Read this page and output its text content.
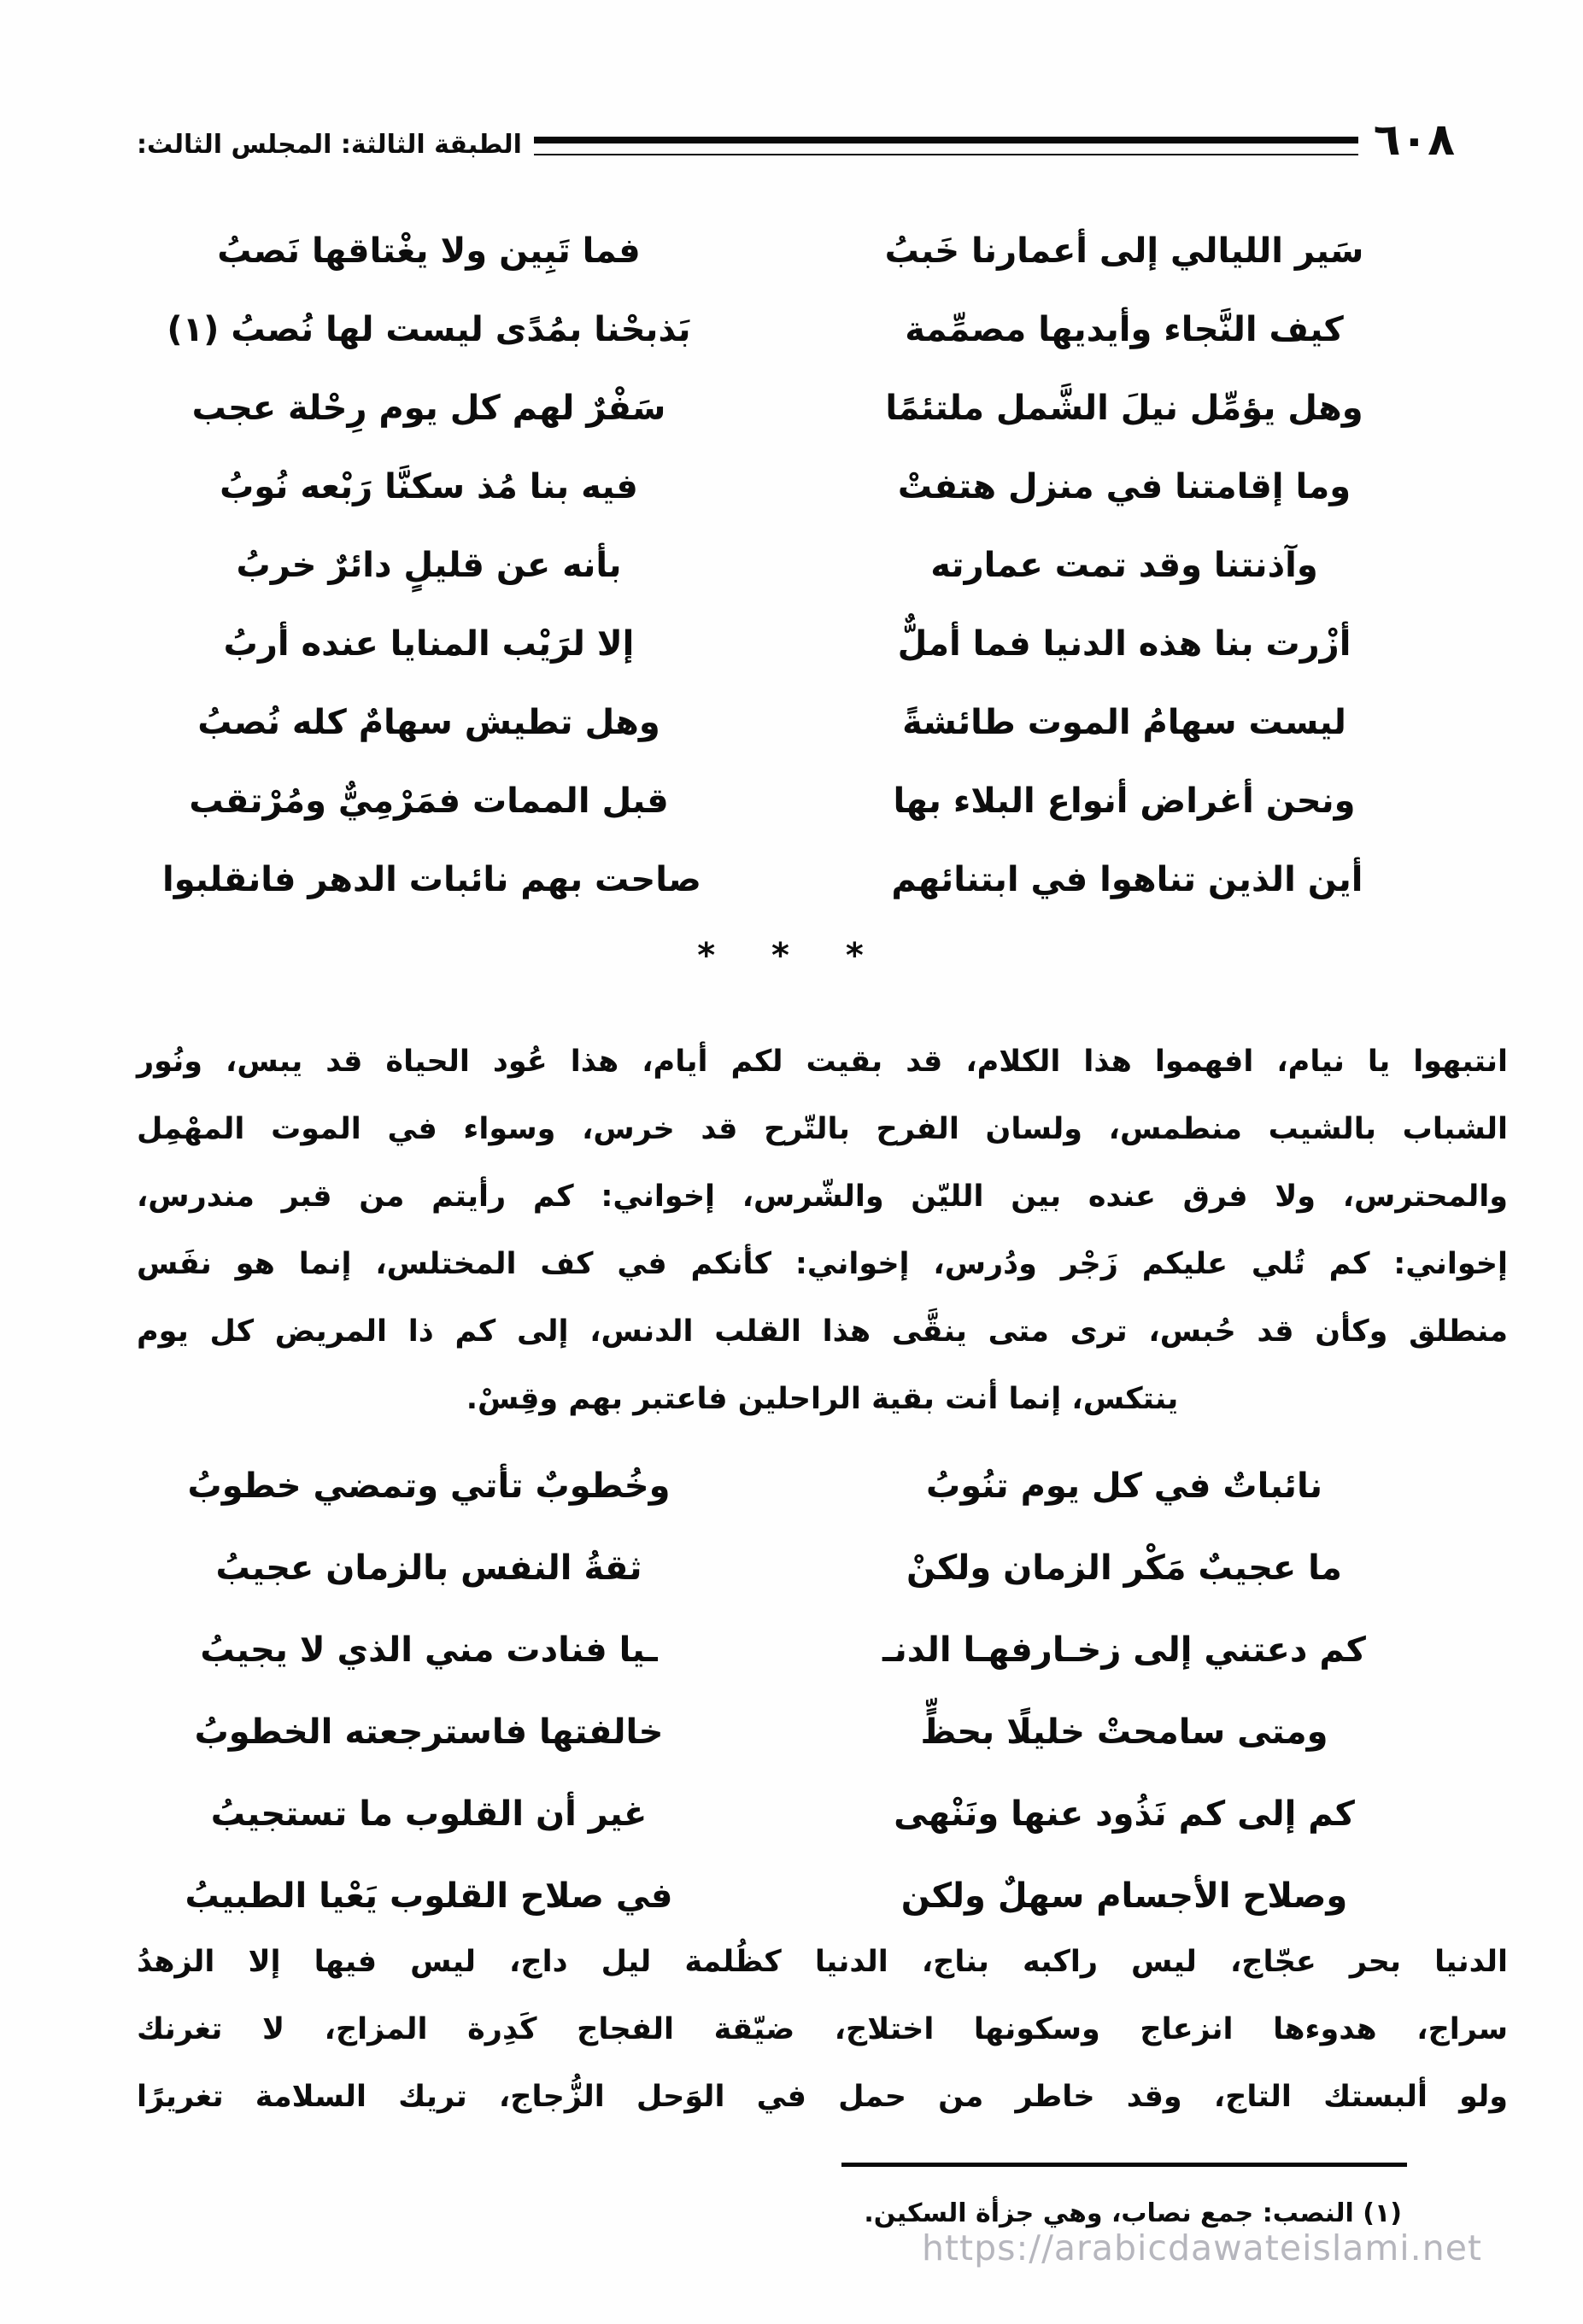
٦٠٨
الطبقة الثالثة: المجلس الثالث:
سَير الليالي إلى أعمارنا خَببُ
فما تَبِين ولا يغْتاقها نَصبُ
كيف النَّجاء وأيديها مصمِّمة
بَذبحْنا بمُدًى ليست لها نُصبُ (١)
وهل يؤمِّل نيلَ الشَّمل ملتئمًا
سَفْرٌ لهم كل يوم رِحْلة عجب
وما إقامتنا في منزل هتفتْ
فيه بنا مُذ سكنَّا رَبْعه نُوبُ
وآذنتنا وقد تمت عمارته
بأنه عن قليلٍ دائرٌ خربُ
أزْرت بنا هذه الدنيا فما أملٌّ
إلا لرَيْب المنايا عنده أربُ
ليست سهامُ الموت طائشةً
وهل تطيش سهامٌ كله نُصبُ
ونحن أغراض أنواع البلاء بها
قبل الممات فمَرْمِيٌّ ومُرْتقب
أين الذين تناهوا في ابتنائهم
صاحت بهم نائبات الدهر فانقلبوا
* * *
انتبهوا يا نيام، افهموا هذا الكلام، قد بقيت لكم أيام، هذا عُود الحياة قد يبس، ونُور
الشباب بالشيب منطمس، ولسان الفرح بالتّرح قد خرس، وسواء في الموت المهْمِل
والمحترس، ولا فرق عنده بين الليّن والشّرس، إخواني: كم رأيتم من قبر مندرس،
إخواني: كم تُلي عليكم زَجْر ودُرس، إخواني: كأنكم في كف المختلس، إنما هو نفَس
منطلق وكأن قد حُبس، ترى متى ينقَّى هذا القلب الدنس، إلى كم ذا المريض كل يوم
ينتكس، إنما أنت بقية الراحلين فاعتبر بهم وقِسْ.
نائباتٌ في كل يوم تنُوبُ
وخُطوبٌ تأتي وتمضي خطوبُ
ما عجيبٌ مَكْر الزمان ولكنْ
ثقةُ النفس بالزمان عجيبُ
كم دعتني إلى زخـارفهـا الدنـ
ـيا فنادت مني الذي لا يجيبُ
ومتى سامحتْ خليلًا بحظٍّ
خالفتها فاسترجعته الخطوبُ
كم إلى كم نَذُود عنها ونَنْهى
غير أن القلوب ما تستجيبُ
وصلاح الأجسام سهلٌ ولكن
في صلاح القلوب يَعْيا الطبيبُ
الدنيا بحر عجّاج، ليس راكبه بناج، الدنيا كظُلمة ليل داج، ليس فيها إلا الزهدُ
سراج، هدوءها انزعاج وسكونها اختلاج، ضيّقة الفجاج كَدِرة المزاج، لا تغرنك
ولو ألبستك التاج، وقد خاطر من حمل في الوَحل الزُّجاج، تريك السلامة تغريرًا
(١) النصب: جمع نصاب، وهي جزأة السكين.
https://arabicdawateislami.net
